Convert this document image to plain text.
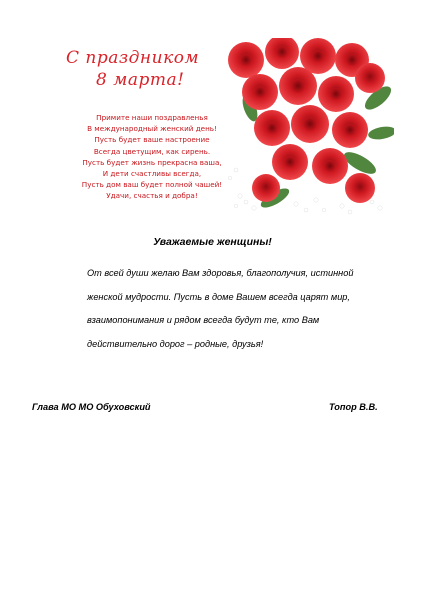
С праздником
8 марта!
Примите наши поздравленья
В международный женский день!
Пусть будет ваше настроение
Всегда цветущим, как сирень.
Пусть будет жизнь прекрасна ваша,
И дети счастливы всегда,
Пусть дом ваш будет полной чашей!
Удачи, счастья и добра!
Уважаемые женщины!
От всей души желаю Вам здоровья, благополучия, истинной
женской мудрости. Пусть в доме Вашем всегда царят мир,
взаимопонимания и рядом всегда будут те, кто Вам
действительно дорог – родные, друзья!
Глава МО МО Обуховский	Топор В.В.
